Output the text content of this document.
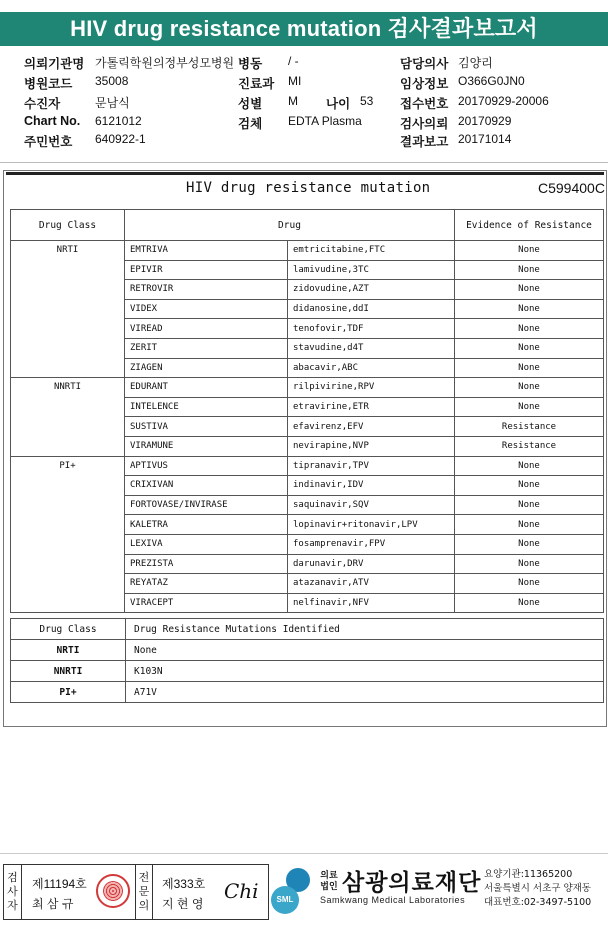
HIV drug resistance mutation 검사결과보고서
의뢰기관명 가톨릭학원의정부성모병원 병동 / -	담당의사 김양리
병원코드 35008	진료과 MI	임상정보 O366G0JN0
수진자	문남식	성별 M 나이 53 접수번호 20170929-20006
Chart No. 6121012	검체 EDTA Plasma	검사의뢰 20170929
주민번호 640922-1	결과보고 20171014
HIV drug resistance mutation	C599400C
Drug Class	Drug		Evidence of Resistance
NRTI	EMTRIVA	emtricitabine,FTC	None
	EPIVIR	lamivudine,3TC	None
	RETROVIR	zidovudine,AZT	None
	VIDEX	didanosine,ddI	None
	VIREAD	tenofovir,TDF	None
	ZERIT	stavudine,d4T	None
	ZIAGEN	abacavir,ABC	None
NNRTI	EDURANT	rilpivirine,RPV	None
	INTELENCE	etravirine,ETR	None
	SUSTIVA	efavirenz,EFV	Resistance
	VIRAMUNE	nevirapine,NVP	Resistance
PI+	APTIVUS	tipranavir,TPV	None
	CRIXIVAN	indinavir,IDV	None
	FORTOVASE/INVIRASE	saquinavir,SQV	None
	KALETRA	lopinavir+ritonavir,LPV	None
	LEXIVA	fosamprenavir,FPV	None
	PREZISTA	darunavir,DRV	None
	REYATAZ	atazanavir,ATV	None
	VIRACEPT	nelfinavir,NFV	None
Drug Class	Drug Resistance Mutations Identified
NRTI	None
NNRTI	K103N
PI+	A71V
검
사
자
제11194호
최 삼 규
전
문
의
제333호
지 현 영
Chi	SML
의료
법인 삼광의료재단
Samkwang Medical Laboratories
요양기관:11365200
서울특별시 서초구 양재동
대표번호:02-3497-5100
